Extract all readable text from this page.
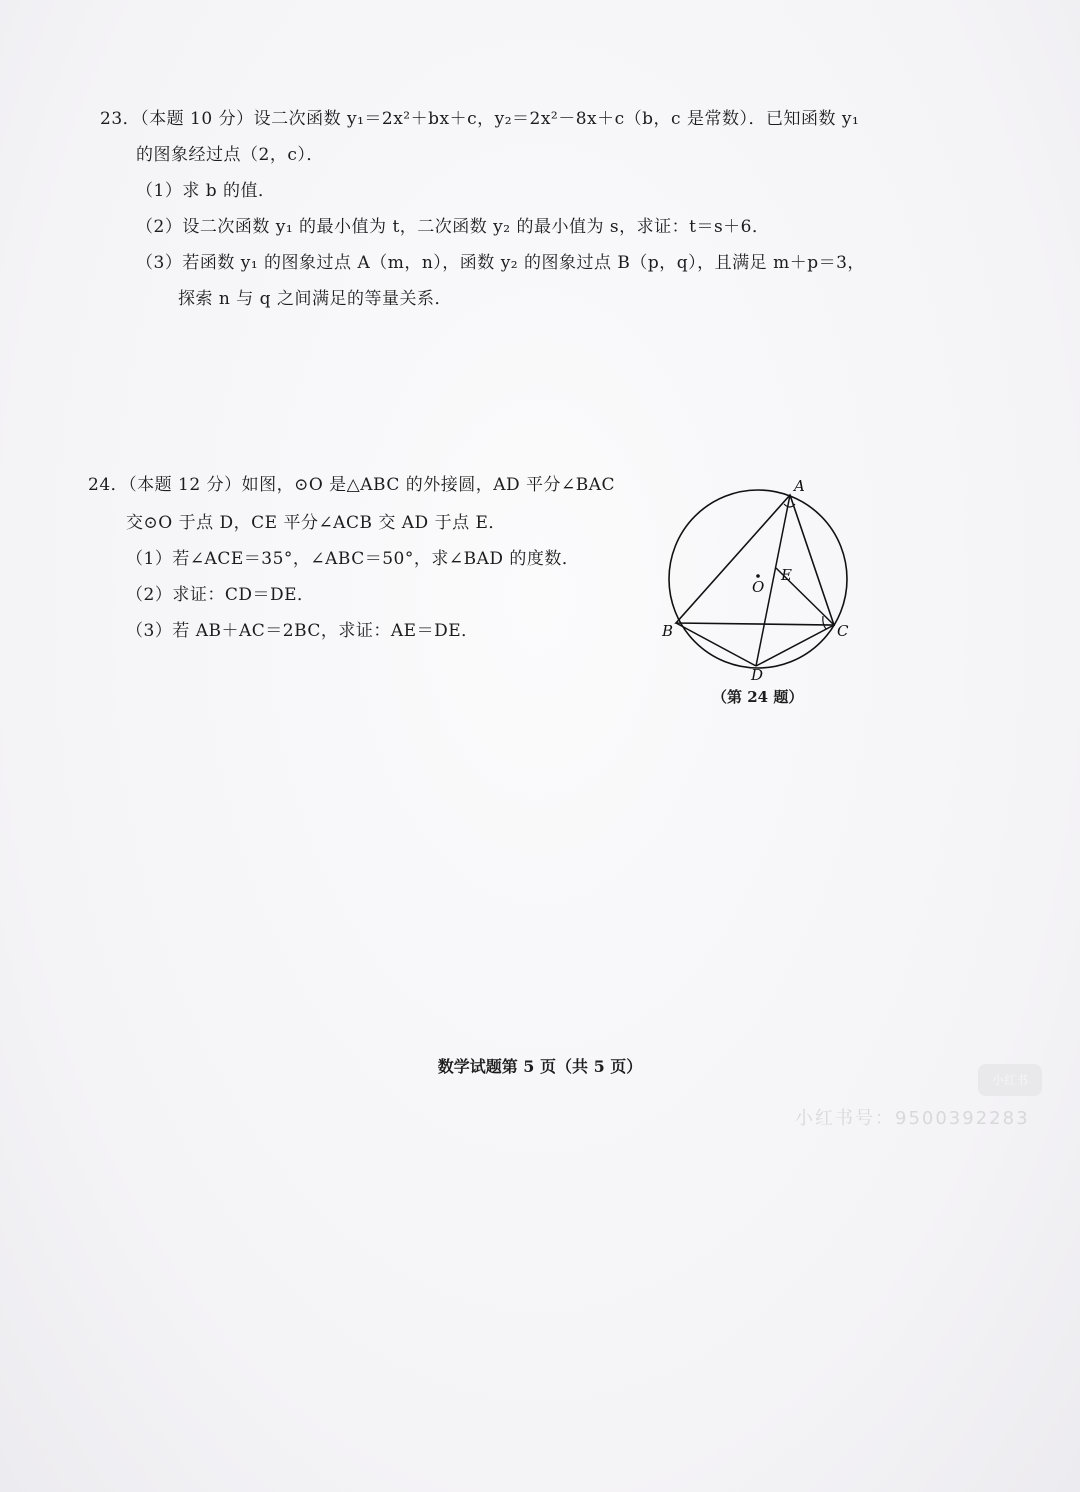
23．（本题 10 分）设二次函数 y₁＝2x²＋bx＋c，y₂＝2x²－8x＋c（b，c 是常数）．已知函数 y₁
的图象经过点（2，c）．
（1）求 b 的值．
（2）设二次函数 y₁ 的最小值为 t，二次函数 y₂ 的最小值为 s，求证：t＝s＋6．
（3）若函数 y₁ 的图象过点 A（m，n），函数 y₂ 的图象过点 B（p，q），且满足 m＋p＝3，
探索 n 与 q 之间满足的等量关系．
24．（本题 12 分）如图，⊙O 是△ABC 的外接圆，AD 平分∠BAC
交⊙O 于点 D，CE 平分∠ACB 交 AD 于点 E．
（1）若∠ACE＝35°，∠ABC＝50°，求∠BAD 的度数．
（2）求证：CD＝DE．
（3）若 AB＋AC＝2BC，求证：AE＝DE．
A
B	C
D
E
O
（第 24 题）
数学试题第 5 页（共 5 页）
小红书
小红书号：9500392283
